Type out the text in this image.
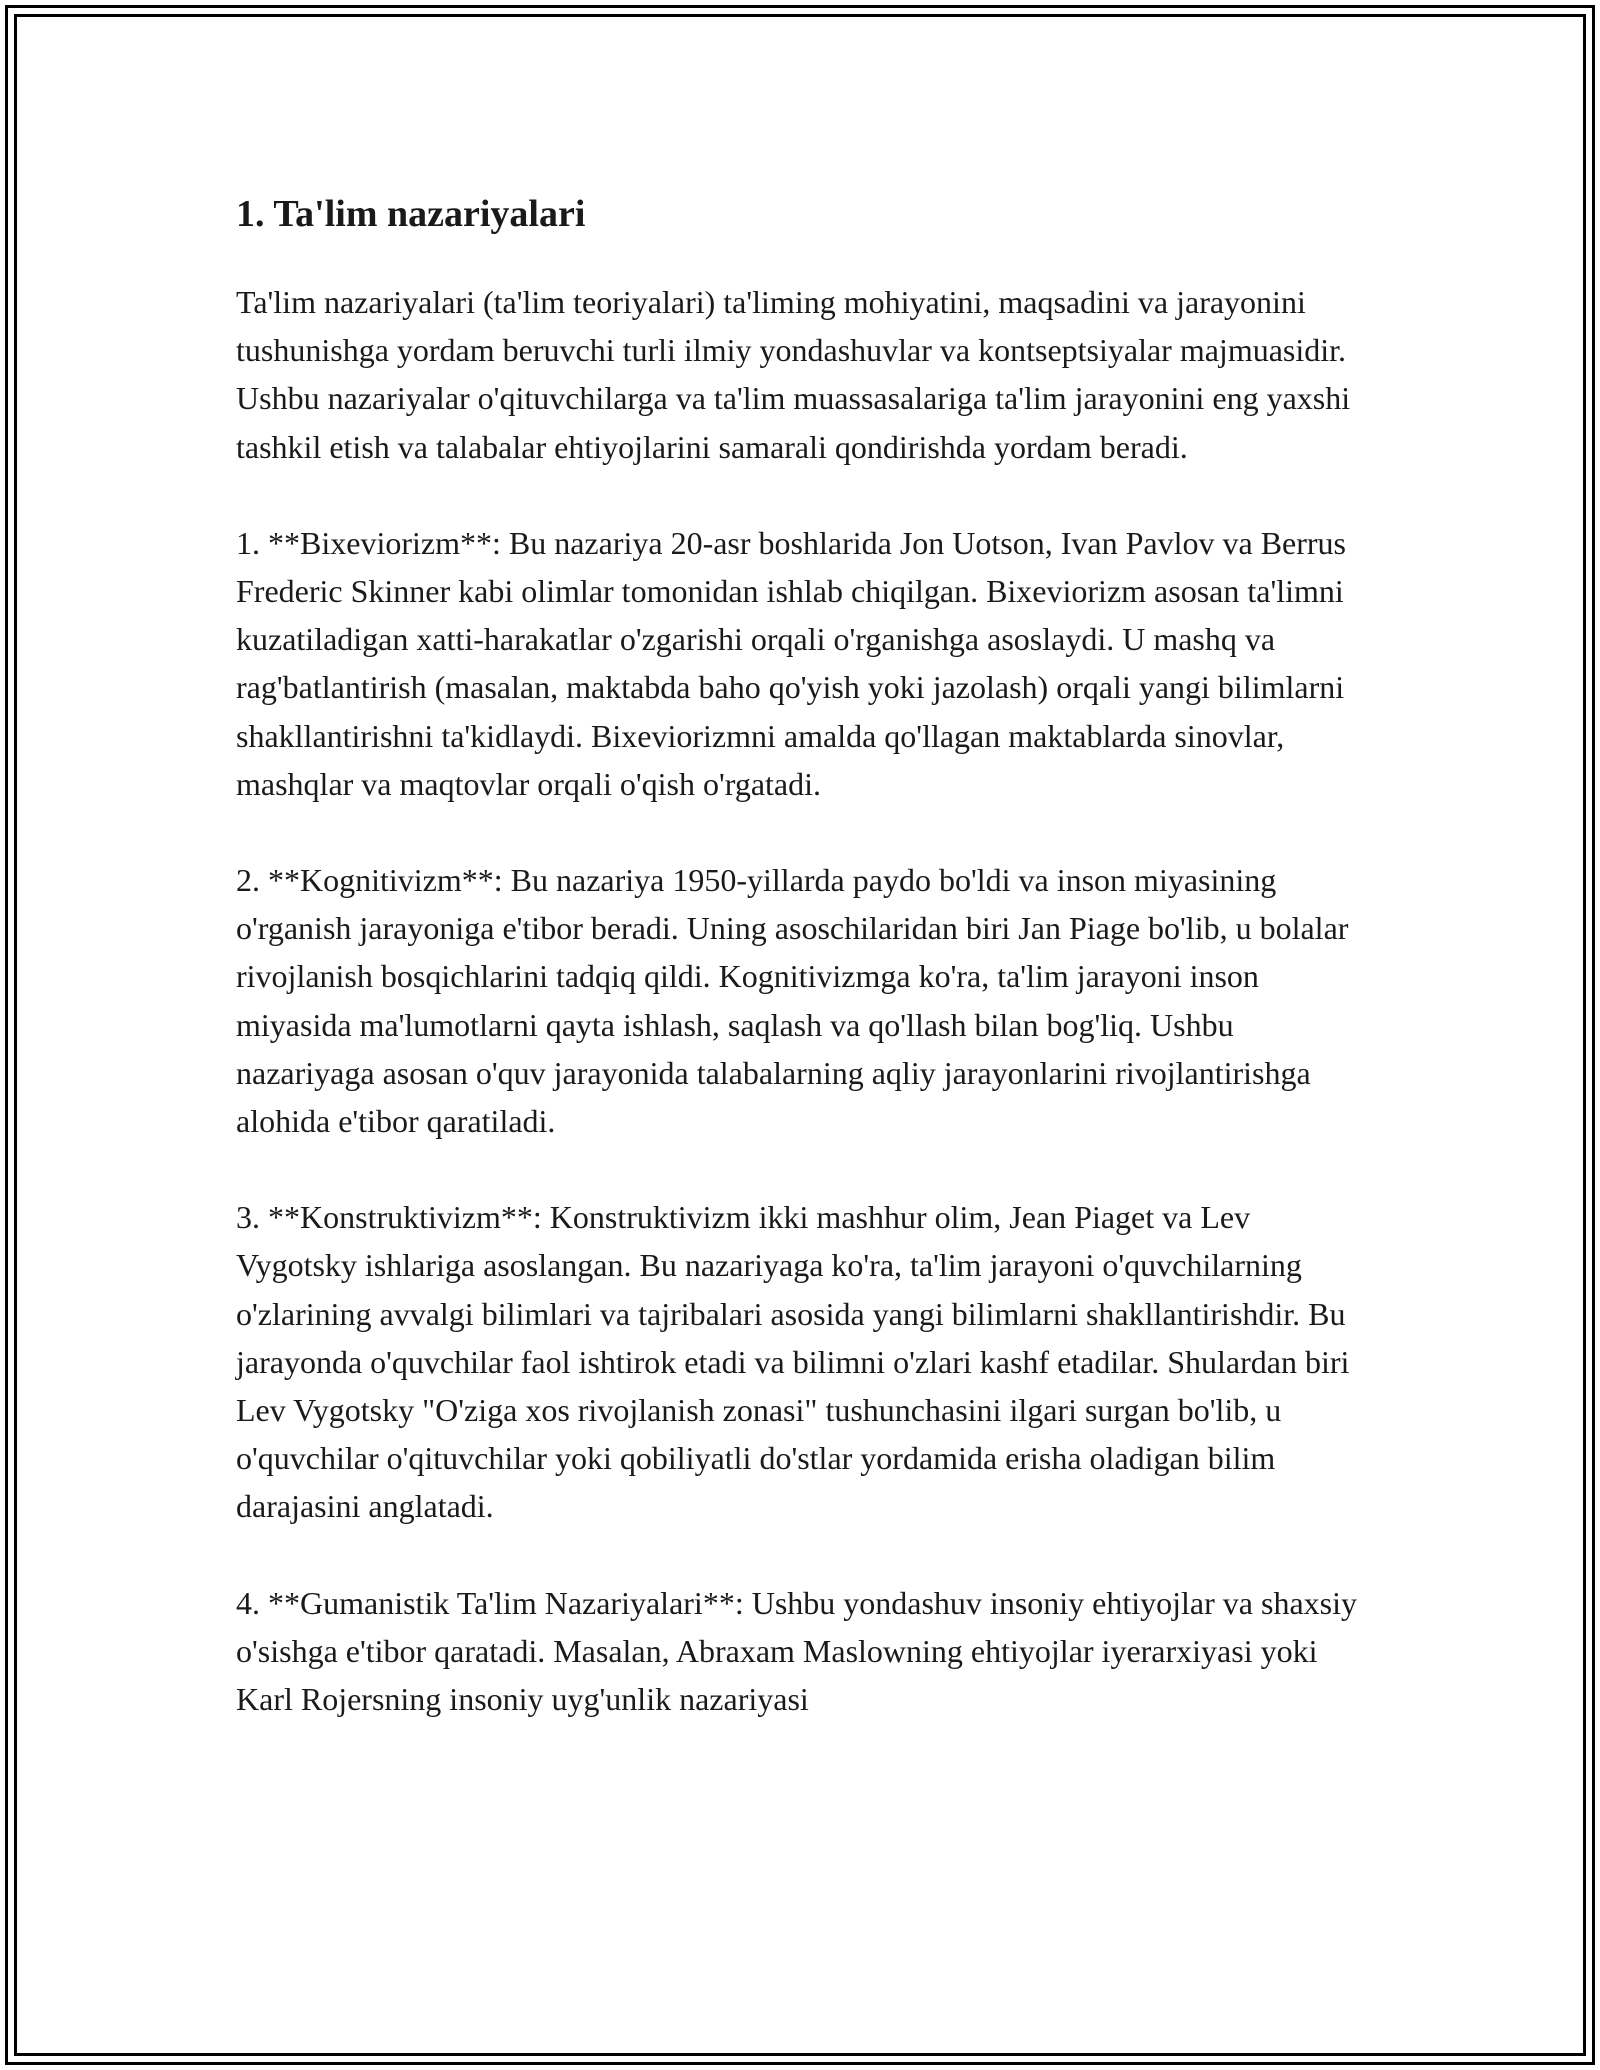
1. Ta'lim nazariyalari

Ta'lim nazariyalari (ta'lim teoriyalari) ta'liming mohiyatini, maqsadini va jarayonini tushunishga yordam beruvchi turli ilmiy yondashuvlar va kontseptsiyalar majmuasidir. Ushbu nazariyalar o'qituvchilarga va ta'lim muassasalariga ta'lim jarayonini eng yaxshi tashkil etish va talabalar ehtiyojlarini samarali qondirishda yordam beradi.

1. **Bixeviorizm**: Bu nazariya 20-asr boshlarida Jon Uotson, Ivan Pavlov va Berrus Frederic Skinner kabi olimlar tomonidan ishlab chiqilgan. Bixeviorizm asosan ta'limni kuzatiladigan xatti-harakatlar o'zgarishi orqali o'rganishga asoslaydi. U mashq va rag'batlantirish (masalan, maktabda baho qo'yish yoki jazolash) orqali yangi bilimlarni shakllantirishni ta'kidlaydi. Bixeviorizmni amalda qo'llagan maktablarda sinovlar, mashqlar va maqtovlar orqali o'qish o'rgatadi.

2. **Kognitivizm**: Bu nazariya 1950-yillarda paydo bo'ldi va inson miyasining o'rganish jarayoniga e'tibor beradi. Uning asoschilaridan biri Jan Piage bo'lib, u bolalar rivojlanish bosqichlarini tadqiq qildi. Kognitivizmga ko'ra, ta'lim jarayoni inson miyasida ma'lumotlarni qayta ishlash, saqlash va qo'llash bilan bog'liq. Ushbu nazariyaga asosan o'quv jarayonida talabalarning aqliy jarayonlarini rivojlantirishga alohida e'tibor qaratiladi.

3. **Konstruktivizm**: Konstruktivizm ikki mashhur olim, Jean Piaget va Lev Vygotsky ishlariga asoslangan. Bu nazariyaga ko'ra, ta'lim jarayoni o'quvchilarning o'zlarining avvalgi bilimlari va tajribalari asosida yangi bilimlarni shakllantirishdir. Bu jarayonda o'quvchilar faol ishtirok etadi va bilimni o'zlari kashf etadilar. Shulardan biri Lev Vygotsky "O'ziga xos rivojlanish zonasi" tushunchasini ilgari surgan bo'lib, u o'quvchilar o'qituvchilar yoki qobiliyatli do'stlar yordamida erisha oladigan bilim darajasini anglatadi.

4. **Gumanistik Ta'lim Nazariyalari**: Ushbu yondashuv insoniy ehtiyojlar va shaxsiy o'sishga e'tibor qaratadi. Masalan, Abraxam Maslowning ehtiyojlar iyerarxiyasi yoki Karl Rojersning insoniy uyg'unlik nazariyasi
